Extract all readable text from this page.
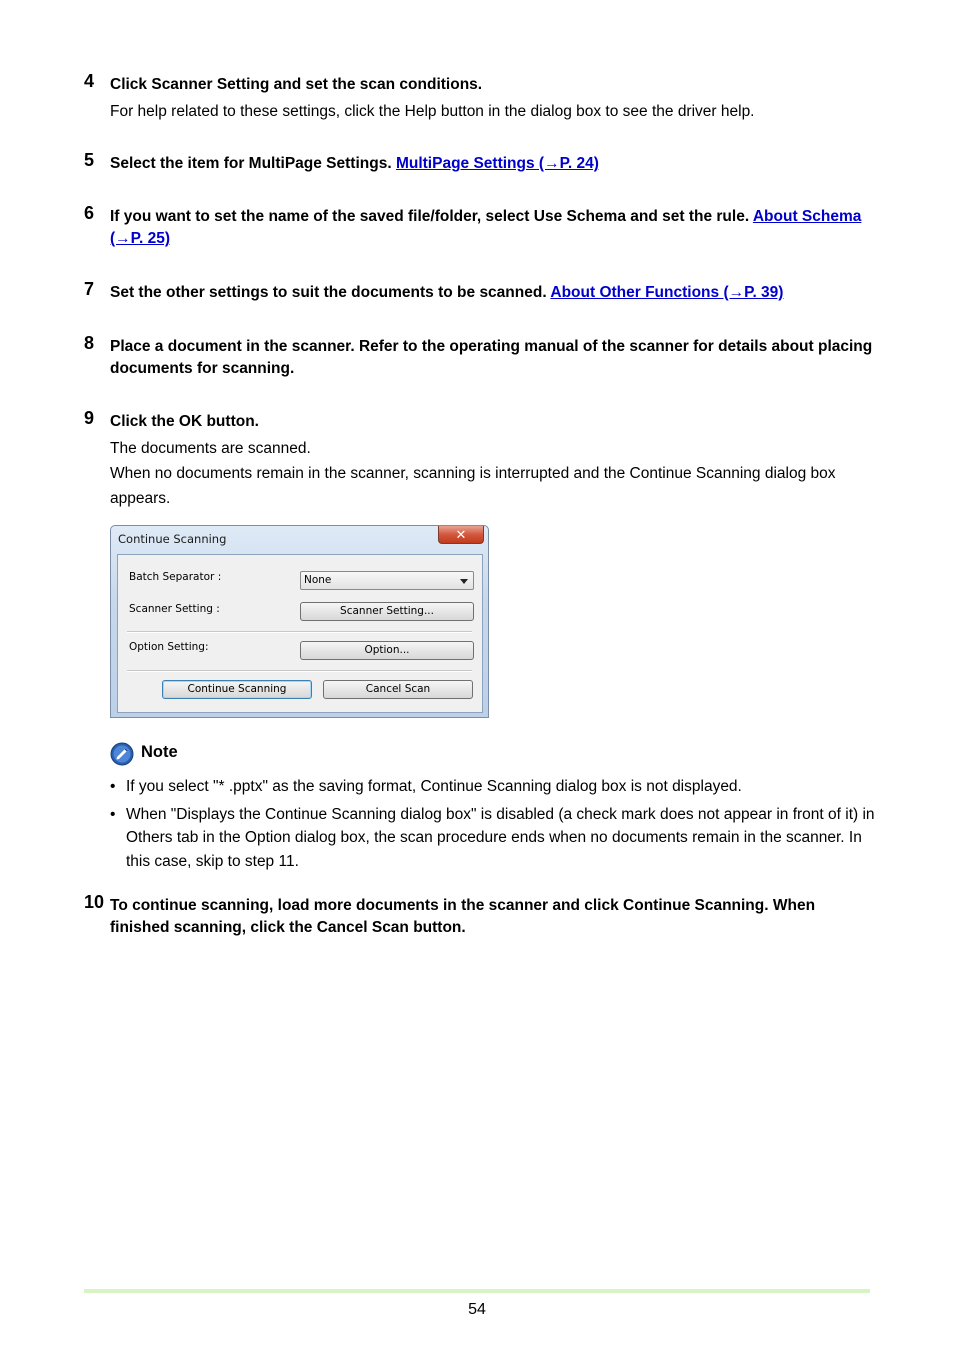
4 Click Scanner Setting and set the scan conditions.

For help related to these settings, click the Help button in the dialog box to see the driver help.

5 Select the item for MultiPage Settings. MultiPage Settings (→P. 24)
6 If you want to set the name of the saved file/folder, select Use Schema and set the rule. About Schema (→P. 25)
7 Set the other settings to suit the documents to be scanned. About Other Functions (→P. 39)
8 Place a document in the scanner. Refer to the operating manual of the scanner for details about placing documents for scanning.
9 Click the OK button.

The documents are scanned.

When no documents remain in the scanner, scanning is interrupted and the Continue Scanning dialog box appears.

Continue Scanning	✕
Batch Separator :	None
Scanner Setting :	Scanner Setting...
Option Setting:	Option...
Continue Scanning	Cancel Scan
Note
• If you select "* .pptx" as the saving format, Continue Scanning dialog box is not displayed.
• When "Displays the Continue Scanning dialog box" is disabled (a check mark does not appear in front of it) in Others tab in the Option dialog box, the scan procedure ends when no documents remain in the scanner. In this case, skip to step 11.
10 To continue scanning, load more documents in the scanner and click Continue Scanning. When finished scanning, click the Cancel Scan button.
54
